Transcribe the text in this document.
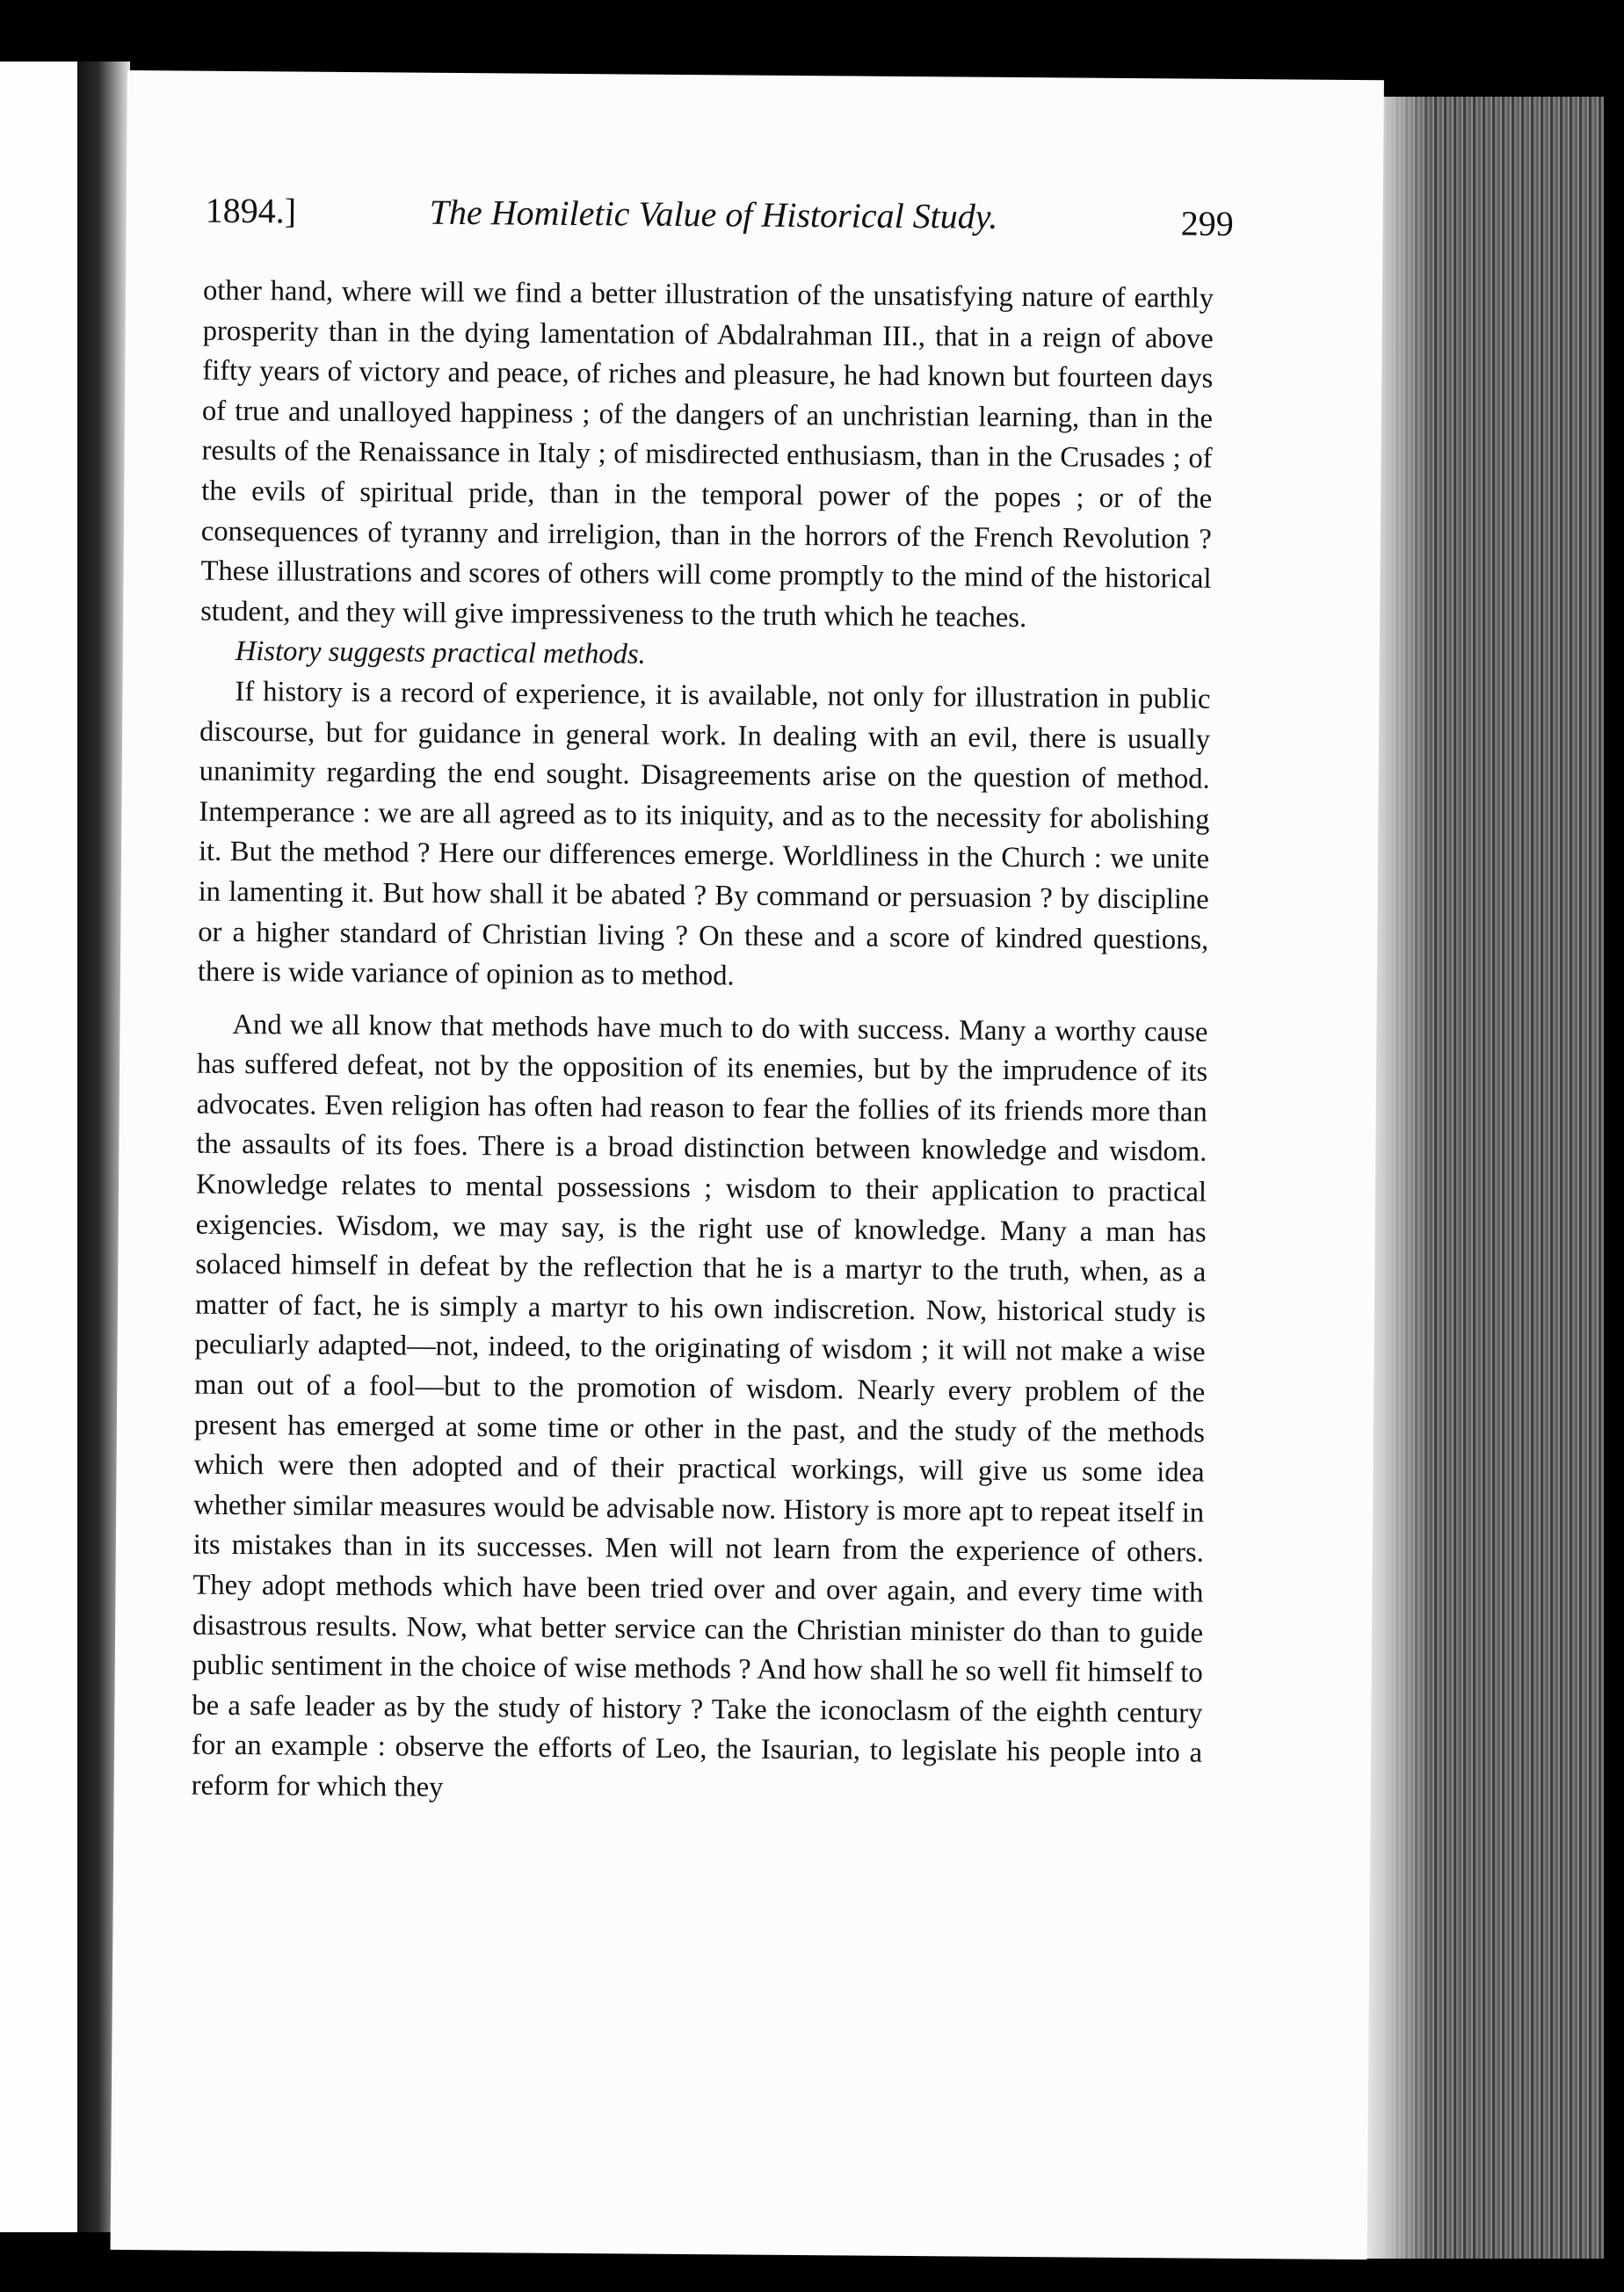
1894.]	The Homiletic Value of Historical Study.	299

other hand, where will we find a better illustration of the unsatisfying nature of earthly prosperity than in the dying lamentation of Abdalrahman III., that in a reign of above fifty years of victory and peace, of riches and pleasure, he had known but fourteen days of true and unalloyed happiness ; of the dangers of an unchristian learning, than in the results of the Renaissance in Italy ; of misdirected enthusiasm, than in the Crusades ; of the evils of spiritual pride, than in the temporal power of the popes ; or of the consequences of tyranny and irreligion, than in the horrors of the French Revolution ? These illustrations and scores of others will come promptly to the mind of the historical student, and they will give impressiveness to the truth which he teaches.

History suggests practical methods.

If history is a record of experience, it is available, not only for illustration in public discourse, but for guidance in general work. In dealing with an evil, there is usually unanimity regarding the end sought. Disagreements arise on the question of method. Intemperance : we are all agreed as to its iniquity, and as to the necessity for abolishing it. But the method ? Here our differences emerge. Worldliness in the Church : we unite in lamenting it. But how shall it be abated ? By command or persuasion ? by discipline or a higher standard of Christian living ? On these and a score of kindred questions, there is wide variance of opinion as to method.

And we all know that methods have much to do with success. Many a worthy cause has suffered defeat, not by the opposition of its enemies, but by the imprudence of its advocates. Even religion has often had reason to fear the follies of its friends more than the assaults of its foes. There is a broad distinction between knowledge and wisdom. Knowledge relates to mental possessions ; wisdom to their application to practical exigencies. Wisdom, we may say, is the right use of knowledge. Many a man has solaced himself in defeat by the reflection that he is a martyr to the truth, when, as a matter of fact, he is simply a martyr to his own indiscretion. Now, historical study is peculiarly adapted—not, indeed, to the originating of wisdom ; it will not make a wise man out of a fool—but to the promotion of wisdom. Nearly every problem of the present has emerged at some time or other in the past, and the study of the methods which were then adopted and of their practical workings, will give us some idea whether similar measures would be advisable now. History is more apt to repeat itself in its mistakes than in its successes. Men will not learn from the experience of others. They adopt methods which have been tried over and over again, and every time with disastrous results. Now, what better service can the Christian minister do than to guide public sentiment in the choice of wise methods ? And how shall he so well fit himself to be a safe leader as by the study of history ? Take the iconoclasm of the eighth century for an example : observe the efforts of Leo, the Isaurian, to legislate his people into a reform for which they
